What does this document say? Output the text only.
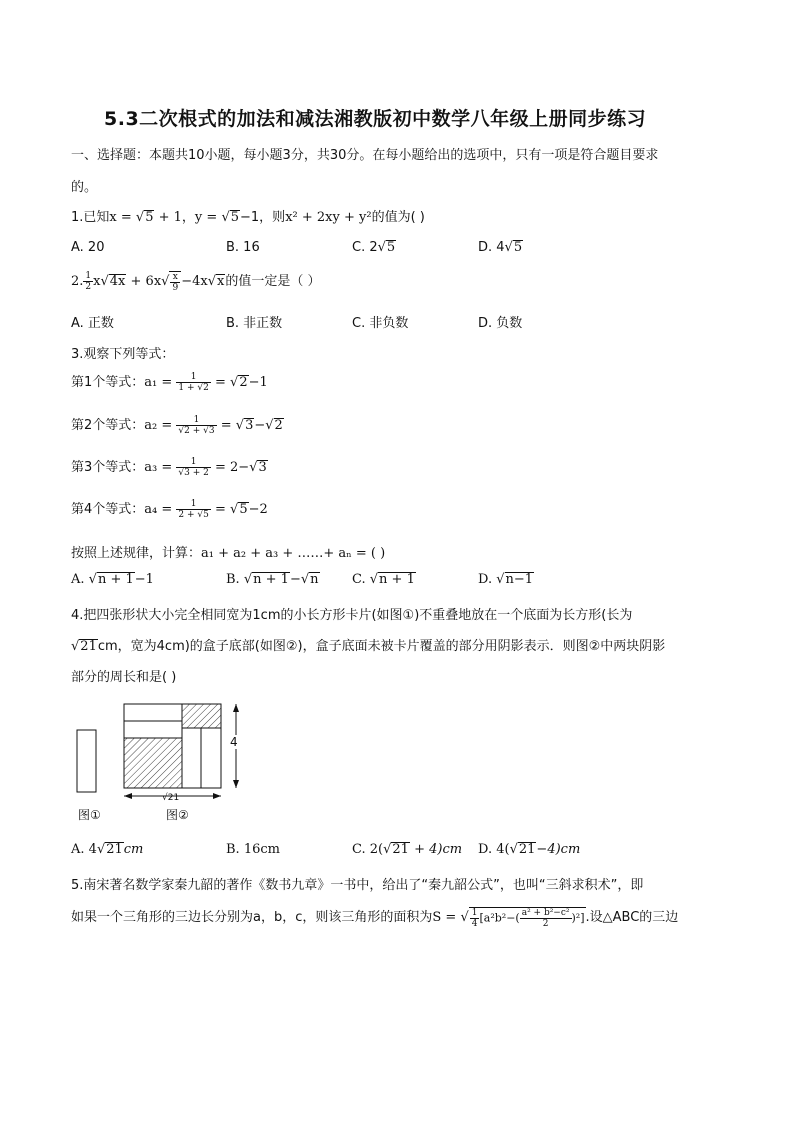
5.3二次根式的加法和减法湘教版初中数学八年级上册同步练习
一、选择题：本题共10小题，每小题3分，共30分。在每小题给出的选项中，只有一项是符合题目要求
的。
1.已知x = √5 + 1，y = √5−1，则x² + 2xy + y²的值为( )
A. 20	B. 16	C. 2√5	D. 4√5
2. $\frac{1}{2} x√4x + 6x√ \frac{x}{9} -4x√x$的值一定是（ ）
A. 正数	B. 非正数	C. 非负数	D. 负数
3.观察下列等式：
第1个等式：$a_1 = \frac{1}{1 + √2} = √2-1$
第2个等式：$a_2 = \frac{1}{√2 + √3} = √3-√2$
第3个等式：$a_3 = \frac{1}{√3 + 2} = 2-√3$
第4个等式：$a_4 = \frac{1}{2 + √5} = √5-2$
按照上述规律，计算：a₁ + a₂ + a₃ + ……+ aₙ = ( )
A. √n + 1−1	B. √n + 1−√n	C. √n + 1	D. √n−1
4.把四张形状大小完全相同宽为1cm的小长方形卡片(如图①)不重叠地放在一个底面为长方形(长为
√21cm，宽为4cm)的盒子底部(如图②)，盒子底面未被卡片覆盖的部分用阴影表示．则图②中两块阴影
部分的周长和是( )
4
√21
图①	图②
A. 4√21cm	B. 16cm	C. 2(√21 + 4)cm D. 4(√21−4)cm
5.南宋著名数学家秦九韶的著作《数书九章》一书中，给出了“秦九韶公式”，也叫“三斜求积术”，即
如果一个三角形的三边长分别为a，b，c，则该三角形的面积为S = √ $\frac{1}{4} [a^2b^2-( \frac{\text{a² + b²−c²}}{2} )^2]$.设△ABC的三边
